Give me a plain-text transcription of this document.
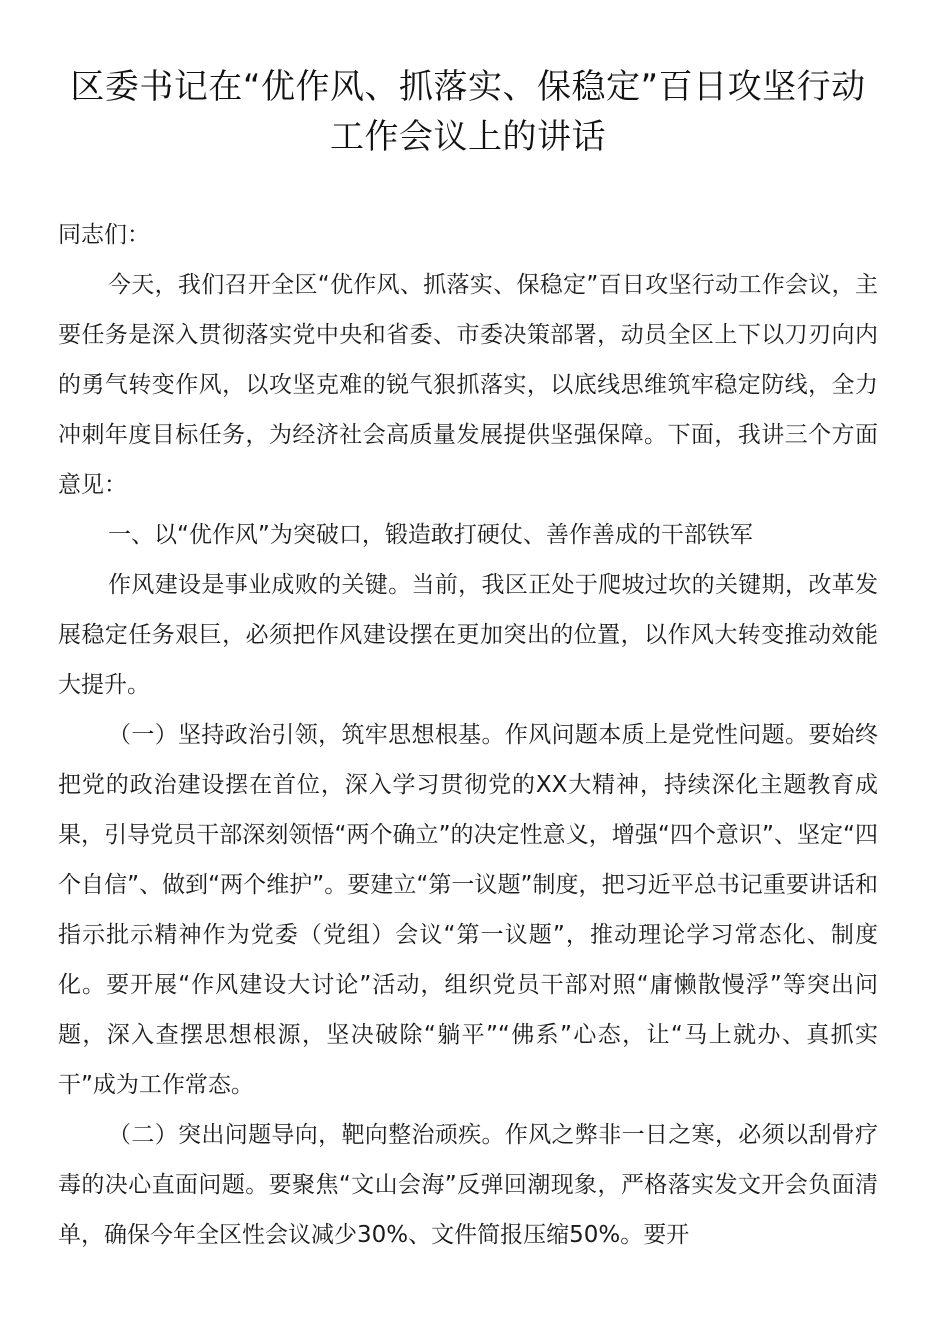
区委书记在“优作风、抓落实、保稳定”百日攻坚行动工作会议上的讲话

同志们：

今天，我们召开全区“优作风、抓落实、保稳定”百日攻坚行动工作会议，主要任务是深入贯彻落实党中央和省委、市委决策部署，动员全区上下以刀刃向内的勇气转变作风，以攻坚克难的锐气狠抓落实，以底线思维筑牢稳定防线，全力冲刺年度目标任务，为经济社会高质量发展提供坚强保障。下面，我讲三个方面意见：

一、以“优作风”为突破口，锻造敢打硬仗、善作善成的干部铁军

作风建设是事业成败的关键。当前，我区正处于爬坡过坎的关键期，改革发展稳定任务艰巨，必须把作风建设摆在更加突出的位置，以作风大转变推动效能大提升。

（一）坚持政治引领，筑牢思想根基。作风问题本质上是党性问题。要始终把党的政治建设摆在首位，深入学习贯彻党的XX大精神，持续深化主题教育成果，引导党员干部深刻领悟“两个确立”的决定性意义，增强“四个意识”、坚定“四个自信”、做到“两个维护”。要建立“第一议题”制度，把习近平总书记重要讲话和指示批示精神作为党委（党组）会议“第一议题”，推动理论学习常态化、制度化。要开展“作风建设大讨论”活动，组织党员干部对照“庸懒散慢浮”等突出问题，深入查摆思想根源，坚决破除“躺平”“佛系”心态，让“马上就办、真抓实干”成为工作常态。

（二）突出问题导向，靶向整治顽疾。作风之弊非一日之寒，必须以刮骨疗毒的决心直面问题。要聚焦“文山会海”反弹回潮现象，严格落实发文开会负面清单，确保今年全区性会议减少30%、文件简报压缩50%。要开
